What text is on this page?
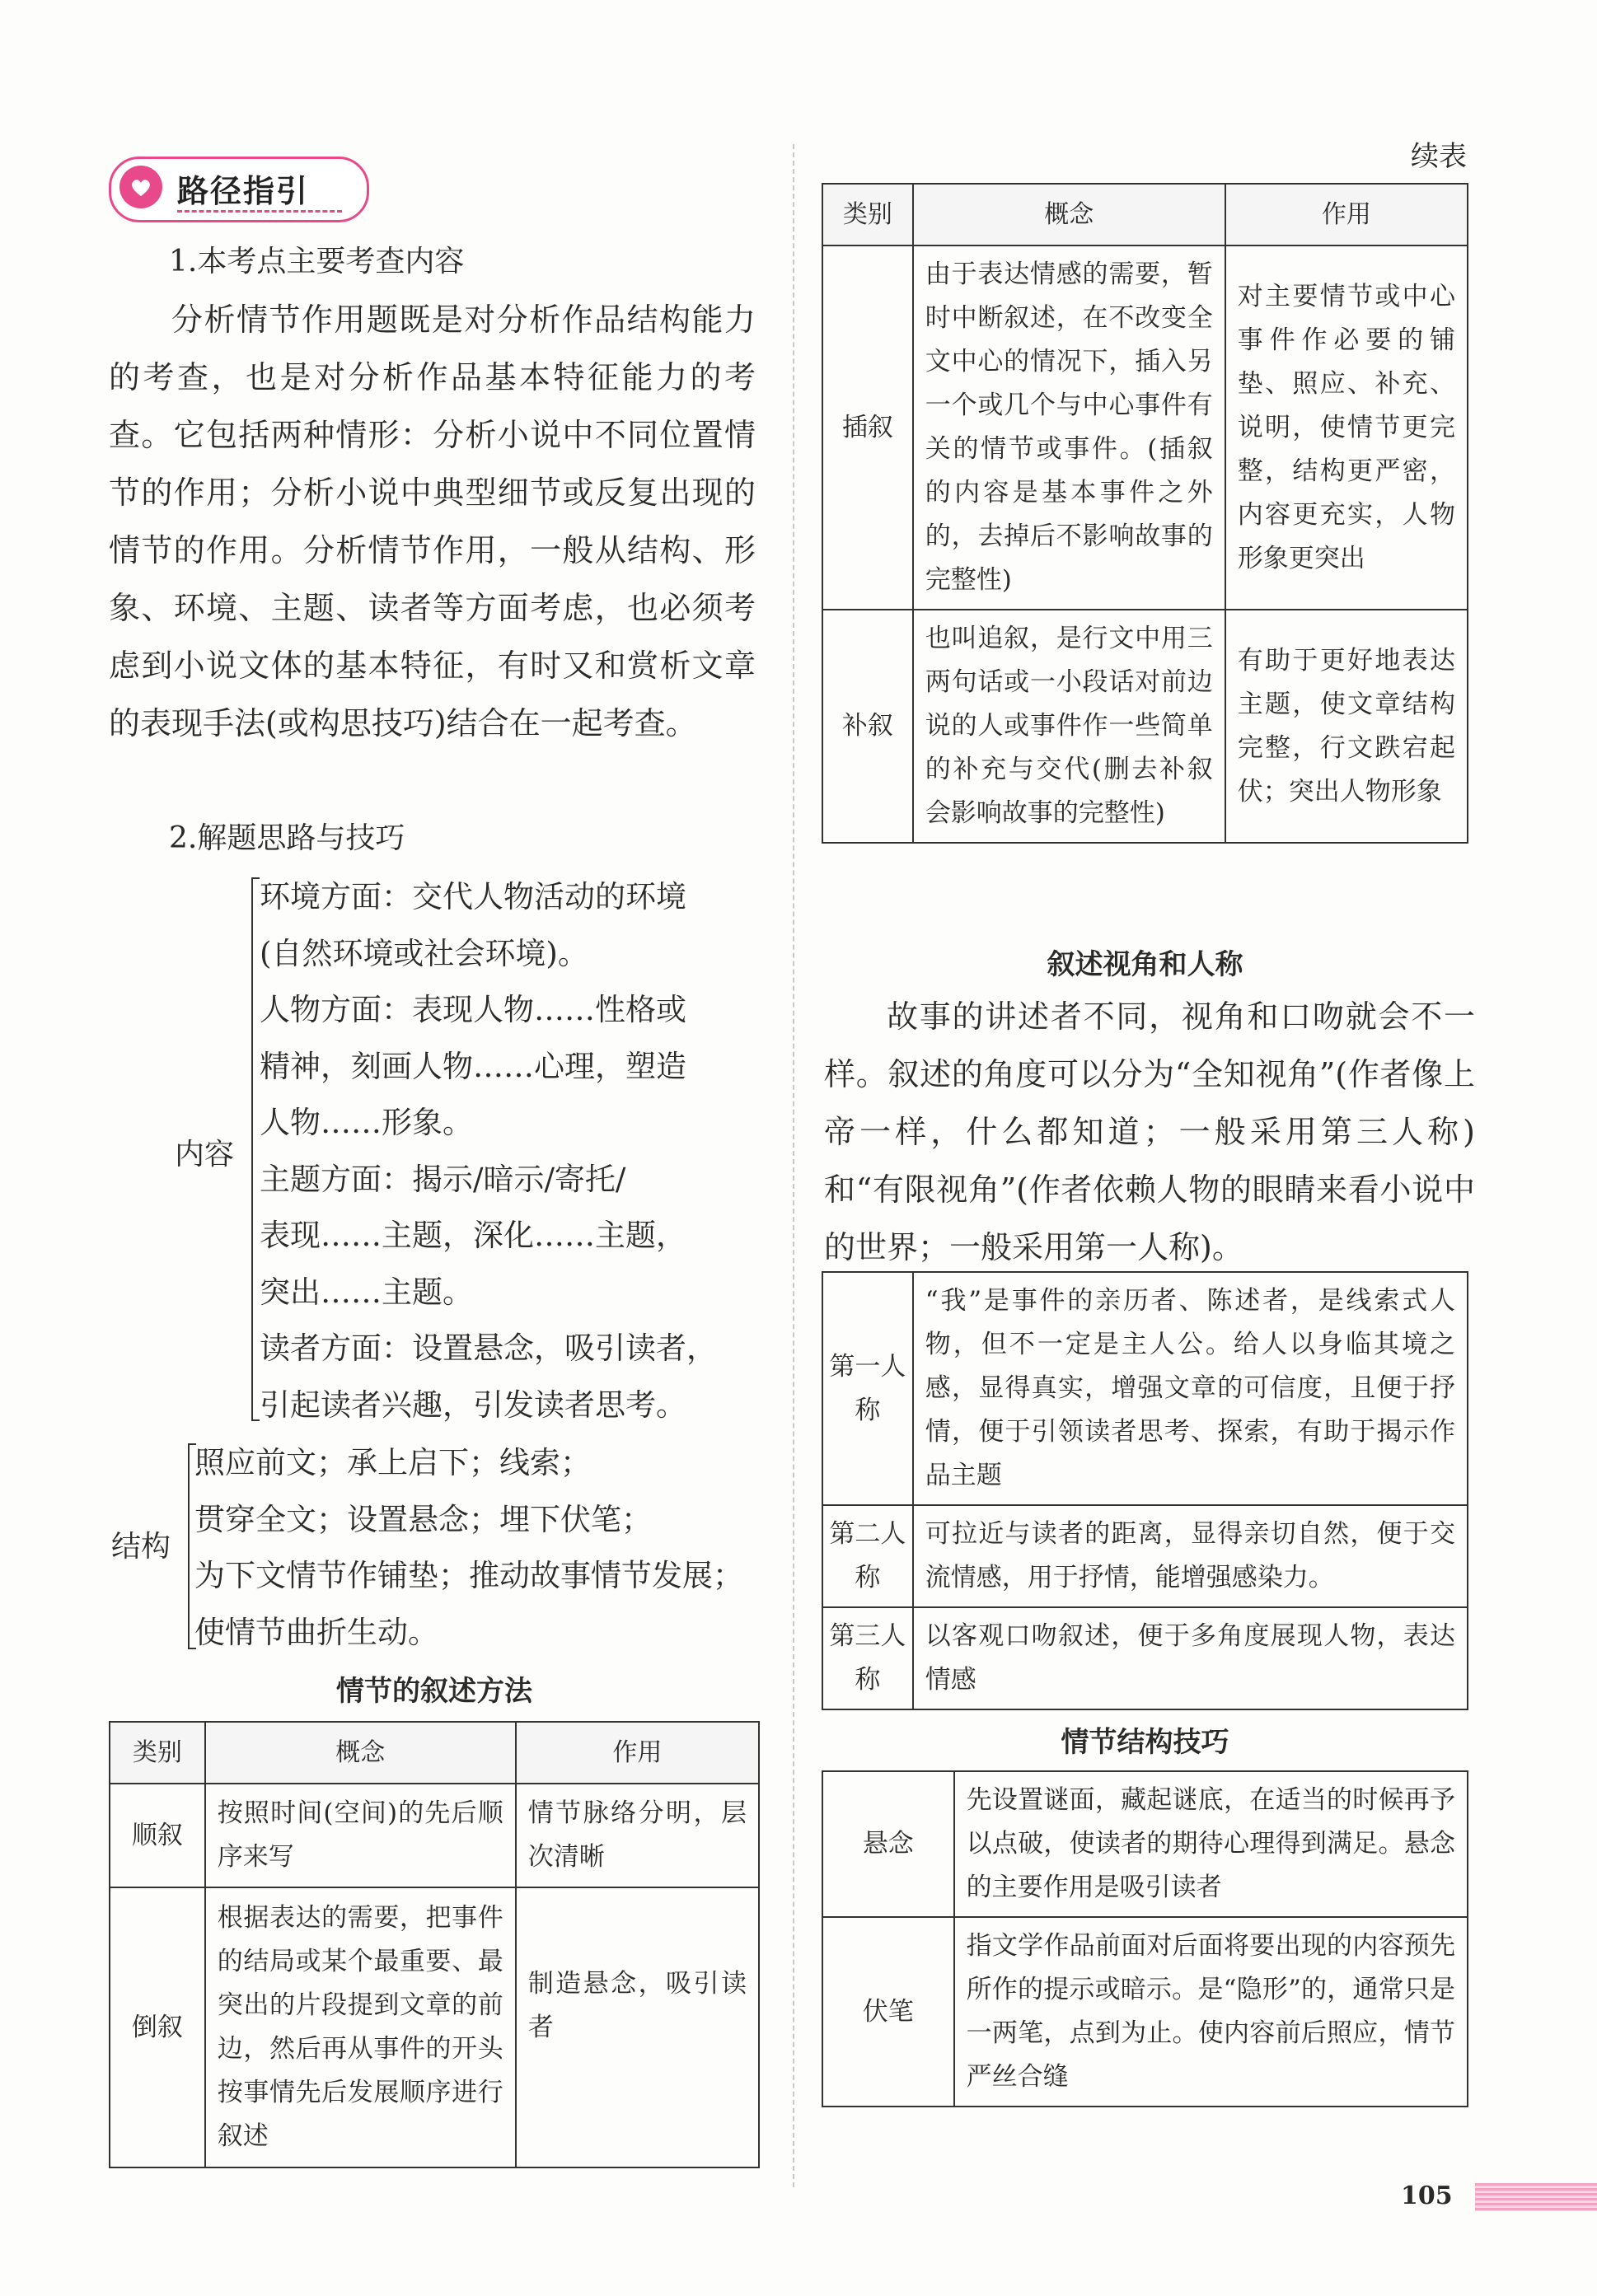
路径指引
1.本考点主要考查内容
分析情节作用题既是对分析作品结构能力的考查，也是对分析作品基本特征能力的考查。它包括两种情形：分析小说中不同位置情节的作用；分析小说中典型细节或反复出现的情节的作用。分析情节作用，一般从结构、形象、环境、主题、读者等方面考虑，也必须考虑到小说文体的基本特征，有时又和赏析文章的表现手法(或构思技巧)结合在一起考查。
2.解题思路与技巧
内容
环境方面：交代人物活动的环境
(自然环境或社会环境)。
人物方面：表现人物……性格或
精神，刻画人物……心理，塑造
人物……形象。
主题方面：揭示/暗示/寄托/
表现……主题，深化……主题，
突出……主题。
读者方面：设置悬念，吸引读者，
引起读者兴趣，引发读者思考。
结构
照应前文；承上启下；线索；
贯穿全文；设置悬念；埋下伏笔；
为下文情节作铺垫；推动故事情节发展；
使情节曲折生动。
情节的叙述方法
类别	概念	作用
顺叙	按照时间(空间)的先后顺序来写	情节脉络分明，层次清晰
倒叙	根据表达的需要，把事件的结局或某个最重要、最突出的片段提到文章的前边，然后再从事件的开头按事情先后发展顺序进行叙述	制造悬念，吸引读者
续表
类别	概念	作用
插叙	由于表达情感的需要，暂时中断叙述，在不改变全文中心的情况下，插入另一个或几个与中心事件有关的情节或事件。(插叙的内容是基本事件之外的，去掉后不影响故事的完整性)	对主要情节或中心事件作必要的铺垫、照应、补充、说明，使情节更完整，结构更严密，内容更充实，人物形象更突出
补叙	也叫追叙，是行文中用三两句话或一小段话对前边说的人或事件作一些简单的补充与交代(删去补叙会影响故事的完整性)	有助于更好地表达主题，使文章结构完整，行文跌宕起伏；突出人物形象
叙述视角和人称
故事的讲述者不同，视角和口吻就会不一样。叙述的角度可以分为“全知视角”(作者像上帝一样，什么都知道；一般采用第三人称)和“有限视角”(作者依赖人物的眼睛来看小说中的世界；一般采用第一人称)。
第一人称	“我”是事件的亲历者、陈述者，是线索式人物，但不一定是主人公。给人以身临其境之感，显得真实，增强文章的可信度，且便于抒情，便于引领读者思考、探索，有助于揭示作品主题
第二人称	可拉近与读者的距离，显得亲切自然，便于交流情感，用于抒情，能增强感染力。
第三人称	以客观口吻叙述，便于多角度展现人物，表达情感
情节结构技巧
悬念	先设置谜面，藏起谜底，在适当的时候再予以点破，使读者的期待心理得到满足。悬念的主要作用是吸引读者
伏笔	指文学作品前面对后面将要出现的内容预先所作的提示或暗示。是“隐形”的，通常只是一两笔，点到为止。使内容前后照应，情节严丝合缝
105
